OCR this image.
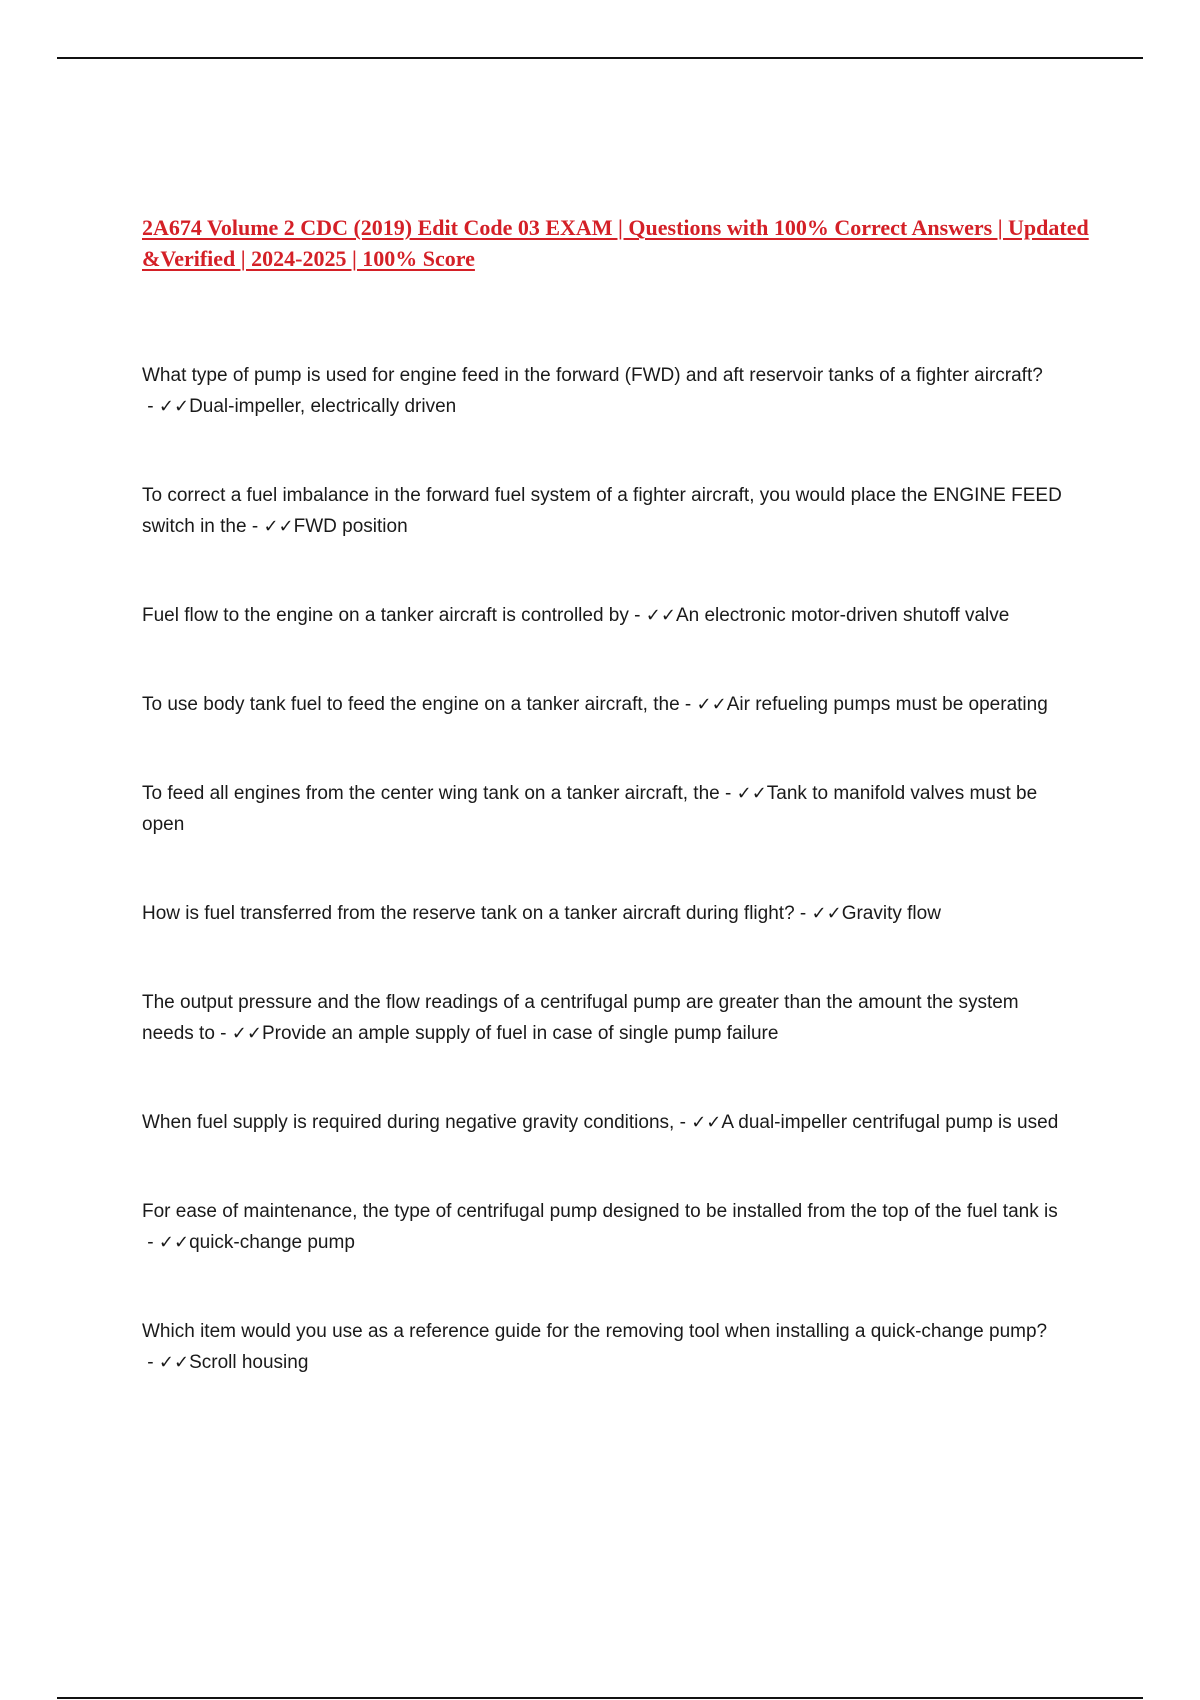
2A674 Volume 2 CDC (2019) Edit Code 03 EXAM | Questions with 100% Correct Answers | Updated &Verified | 2024-2025 | 100% Score
What type of pump is used for engine feed in the forward (FWD) and aft reservoir tanks of a fighter aircraft? - ✓✓Dual-impeller, electrically driven
To correct a fuel imbalance in the forward fuel system of a fighter aircraft, you would place the ENGINE FEED switch in the - ✓✓FWD position
Fuel flow to the engine on a tanker aircraft is controlled by - ✓✓An electronic motor-driven shutoff valve
To use body tank fuel to feed the engine on a tanker aircraft, the - ✓✓Air refueling pumps must be operating
To feed all engines from the center wing tank on a tanker aircraft, the - ✓✓Tank to manifold valves must be open
How is fuel transferred from the reserve tank on a tanker aircraft during flight? - ✓✓Gravity flow
The output pressure and the flow readings of a centrifugal pump are greater than the amount the system needs to - ✓✓Provide an ample supply of fuel in case of single pump failure
When fuel supply is required during negative gravity conditions, - ✓✓A dual-impeller centrifugal pump is used
For ease of maintenance, the type of centrifugal pump designed to be installed from the top of the fuel tank is - ✓✓quick-change pump
Which item would you use as a reference guide for the removing tool when installing a quick-change pump? - ✓✓Scroll housing
